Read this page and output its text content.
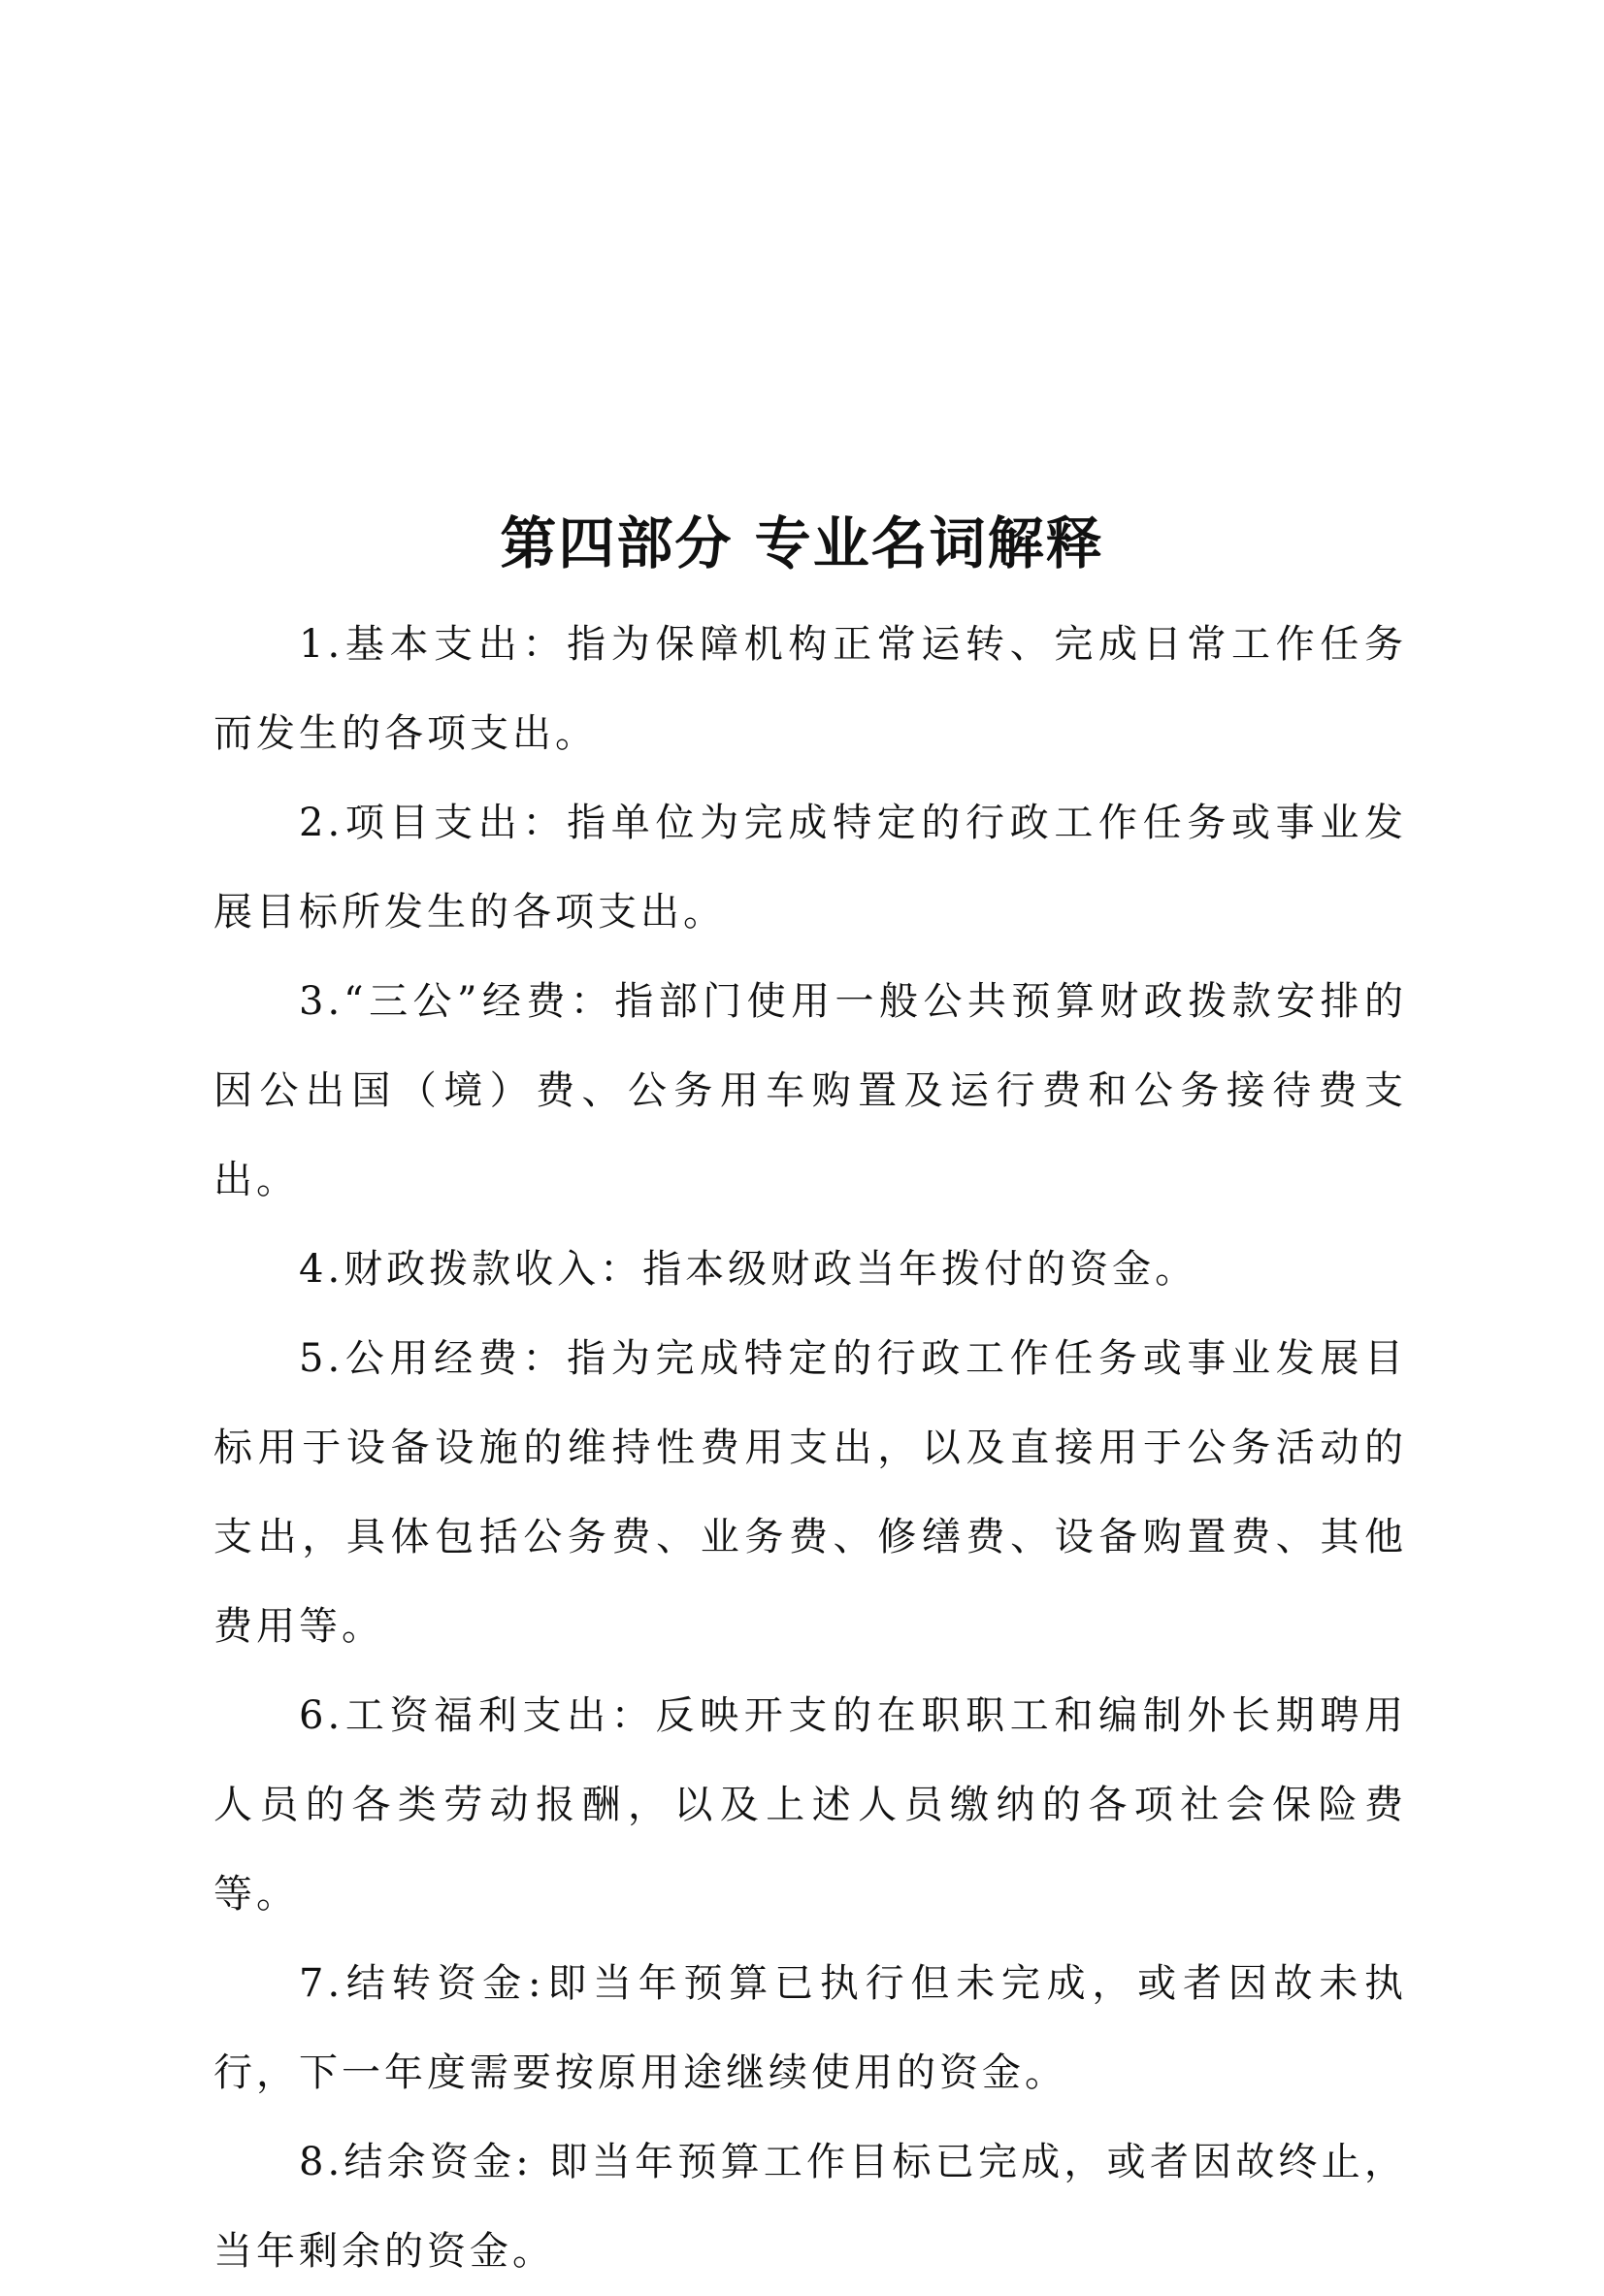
第四部分 专业名词解释

1.基本支出：指为保障机构正常运转、完成日常工作任务而发生的各项支出。

2.项目支出：指单位为完成特定的行政工作任务或事业发展目标所发生的各项支出。

3.“三公”经费：指部门使用一般公共预算财政拨款安排的因公出国（境）费、公务用车购置及运行费和公务接待费支出。

4.财政拨款收入：指本级财政当年拨付的资金。

5.公用经费：指为完成特定的行政工作任务或事业发展目标用于设备设施的维持性费用支出，以及直接用于公务活动的支出，具体包括公务费、业务费、修缮费、设备购置费、其他费用等。

6.工资福利支出：反映开支的在职职工和编制外长期聘用人员的各类劳动报酬，以及上述人员缴纳的各项社会保险费等。

7.结转资金:即当年预算已执行但未完成，或者因故未执行，下一年度需要按原用途继续使用的资金。

8.结余资金: 即当年预算工作目标已完成，或者因故终止，当年剩余的资金。
